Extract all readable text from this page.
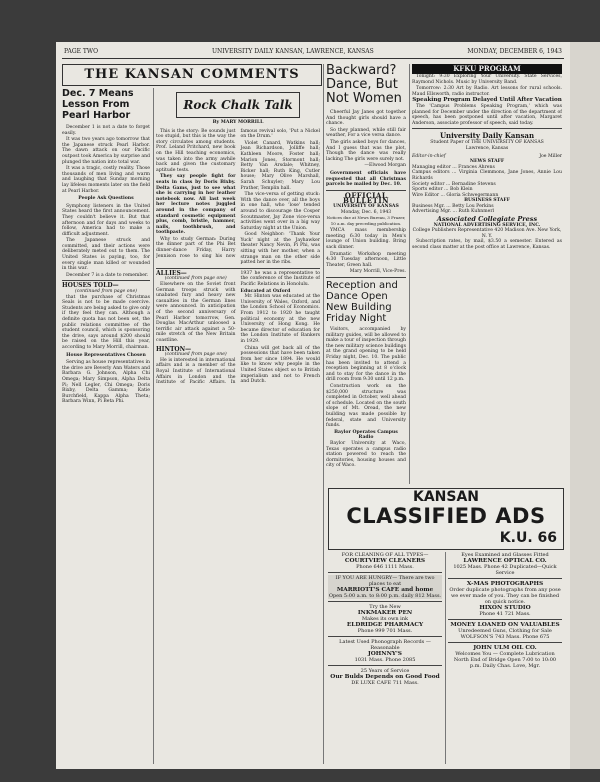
PAGE TWO	UNIVERSITY DAILY KANSAN, LAWRENCE, KANSAS	MONDAY, DECEMBER 6, 1943
THE KANSAN COMMENTS
Dec. 7 Means Lesson From Pearl Harbor

December 1 is not a date to forget easily.

It was two years ago tomorrow that the Japanese struck Pearl Harbor. The dawn attack on our Pacific outpost took America by surprise and plunged the nation into total war.

It was a tragic, costly reality. Those thousands of men living and warm and laughing that Sunday morning lay lifeless moments later on the field at Pearl Harbor.

People Ask Questions

Symphony listeners in the United States heard the first announcement. They couldn't believe it. But that afternoon and for days and weeks to follow, America had to make a difficult adjustment.

The Japanese struck and committed, and their actions were deliberately meted out to them. The United States is paying, too, for every single man killed or wounded in this war.

December 7 is a date to remember.

HOUSES TOLD—
(continued from page one)

that the purchase of Christmas Seals is not to be made coercive. Students are being asked to give only if they feel they can. Although a definite quota has not been set, the public relations committee of the student council, which is sponsoring the drive, says around $200 should be raised on the Hill this year, according to Mary Morrill, chairman.

House Representatives Chosen

Serving as house representatives in the drive are Beverly Ann Waters and Barbara G. Johnson, Alpha Chi Omega; Mary Simpson, Alpha Delta Pi; Nell Legler, Chi Omega; Doris Bixby, Delta Gamma; Katie Burchfield, Kappa Alpha Theta; Barbara Winn, Pi Beta Phi.

Rock Chalk Talk
By MARY MORRILL

This is the story: Be sounds just too stupid, but this is the way the story circulates among students. Prof. Leland Pritchard, new book on the Hill teaching economics, was taken into the army awhile back and given the customary aptitude tests.

They say people fight for seats in class by Doris Bixby. Delta Gams, just to see what she is carrying in her leather notebook now. All last week her lecture notes juggled around in the company of standard cosmetic equipment plus, comb, bristle, hammer, nails, toothbrush, and toothpaste.

Why to study German: During the dinner part of the Phi Bet dinner-dance Friday, Harry Jennison rose to sing his now famous revival solo, 'Put a Nickel on the Drum.'

Violet Canard, Watkins hall; Jean Richardson, Jolliffe hall; Kathleen Moore, Foster hall; Marion Jones, Stormont hall; Betty Van Arsdale; Whitney, Bicker hall; Ruth King, Cutler house; Mary Olive Marshall, Sarah Schuyler; Mary Lou Prather, Templin hall.

The vice-versa of getting stuck: With the dance over, all the boys in one hall, who 'lose' tended around to discourage the Cosper Scoutmaster, Jay Zone vice-versa activities went over in a big way Saturday night at the Union.

Good Neighbor: 'Thank Your Yuck' night at the Jayhawker theater Nancy Nevin, Pi Phi, was sitting with her mother, when a strange man on the other side patted her in the ribs.

ALLIES—
(continued from page one)

Elsewhere on the Soviet front German troops struck with unabated fury and heavy new casualties in the German lines were announced. In anticipation of the second anniversary of Pearl Harbor tomorrow, Gen. Douglas MacArthur unloosed a terrific air attack against a 50-mile stretch of the New Britain coastline.

HINTON—
(continued from page one)

He is interested in international affairs and is a member of the Royal Institute of International Affairs in London and the Institute of Pacific Affairs. In 1937 he was a representative to the conference of the Institute of Pacific Relations in Honolulu.

Educated at Oxford

Mr. Hinton was educated at the University of Wales, Oxford, and the London School of Economics. From 1912 to 1920 he taught political economy at the new University of Hong Kong. He became director of education for the London Institute of Bankers in 1929.

China will get back all of the possessions that have been taken from her since 1894. He would like to know why people in the United States object so to British imperialism and not to French and Dutch.

Backward? Dance, But Not Women

Cheerful Jay Janes got together And thought girls should have a chance.

So they planned, while still fair weather, For a vice versa dance.

The girls asked boys for dances, And I guess that was the plot, Though the dance was really lacking The girls were surely not.

—Elwood Morgan

Government officials have requested that all Christmas parcels be mailed by Dec. 10.

OFFICIAL BULLETIN
UNIVERSITY OF KANSAS
Monday, Dec. 6, 1943
Notices due at News Bureau, 3 Frazer, 10 a.m. day preceding publication.

YMCA mass membership meeting 6:30 today in Men's lounge of Union building. Bring sack dinner.

Dramatic Workshop meeting 4:30 Tuesday afternoon, Little Theater, Green hall.

Mary Morrill, Vice-Pres.

Reception and Dance Open New Building Friday Night

Visitors, accompanied by military guides, will be allowed to make a tour of inspection through the new military science buildings at the grand opening to be held Friday night, Dec. 10. The public has been invited to attend a reception beginning at 8 o'clock and to stay for the dance in the drill room from 9:30 until 12 p.m.

Construction work on the $250,000 structure was completed in October, well ahead of schedule. Located on the south slope of Mt. Oread, the new building was made possible by federal, state and University funds.

Baylor Operates Campus Radio

Baylor University at Waco, Texas operates a campus radio station powered to reach the dormitories, housing houses and city of Waco.

KFKU PROGRAM

Tonight: 9:30 Exploring Your University. State Services, Raymond Nichols. Music by University Band.

Tomorrow: 2:30 Art by Radio. Art lessons for rural schools. Maud Ellsworth, radio instructor.

Speaking Program Delayed Until After Vacation

The 'Campus Problems Speaking Program,' which was planned for December under the direction of the department of speech, has been postponed until after vacation, Margaret Anderson, associate professor of speech, said today.

University Daily Kansan
Student Paper of THE UNIVERSITY OF KANSAS
Lawrence, Kansas
Editor-in-chief	Joe Miller
NEWS STAFF
Managing editor ... Frances Ahrens
Campus editors ... Virginia Clemmons, Jane Jones, Annie Lou Richards
Society editor ... Bernadine Stevens
Sports editor ... Bob Klein
Wire Editor ... Gloria Schwegermann
BUSINESS STAFF
Business Mgr. ... Betty Lou Perkins
Advertising Mgr. ... Ruth Kuhnmerl
Associated Collegiate Press
NATIONAL ADVERTISING SERVICE, INC.
College Publishers Representative 420 Madison Ave. New York, N. Y.

Subscription rates, by mail, $3.50 a semester. Entered as second class matter at the post office at Lawrence, Kansas.

KANSAN
CLASSIFIED ADS
K.U. 66
FOR CLEANING OF ALL TYPES—
COURTVIEW CLEANERS
Phone 646 1111 Mass.
IF YOU ARE HUNGRY— There are two places to eat
MARRIOTT'S CAFE and home
Open 5:00 a.m. to 8:00 p.m. daily 812 Mass.
Try the New
INKMAKER PEN
Makes its own ink
ELDRIDGE PHARMACY
Phone 999 701 Mass.
Latest Used Phonograph Records — Reasonable
JOHNNY'S
1031 Mass. Phone 2085
25 Years of Service
Our Bulds Depends on Good Food
DE LUXE CAFE 711 Mass.
Eyes Examined and Glasses Fitted
LAWRENCE OPTICAL CO.
1025 Mass. Phone 42 Duplicated—Quick Service
X-MAS PHOTOGRAPHS
Order duplicate photographs from any pose we ever made of you. They can be finished on quick notice.
HIXON STUDIO
Phone 41 721 Mass.
MONEY LOANED ON VALUABLES
Unredeemed Guns, Clothing for Sale
WOLFSON'S 743 Mass. Phone 675
JOHN ULM OIL CO.
Welcomes You — Complete Lubrication
North End of Bridge Open 7:00 to 10:00 p.m. Daily Chas. Love, Mgr.
